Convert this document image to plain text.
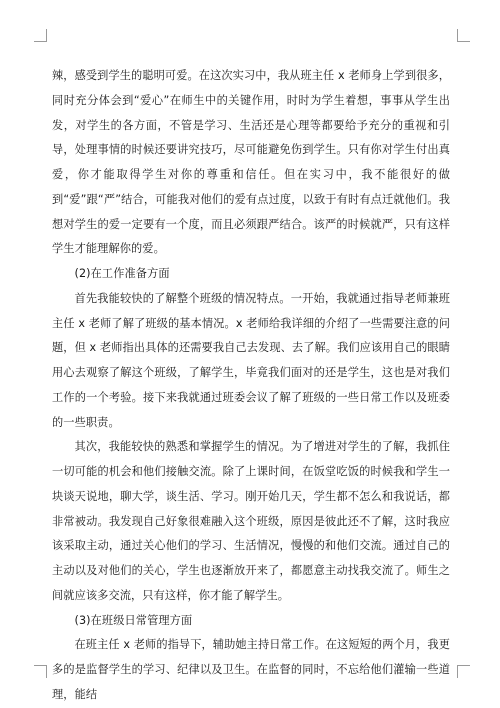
辣，感受到学生的聪明可爱。在这次实习中，我从班主任 x 老师身上学到很多，同时充分体会到“爱心”在师生中的关键作用，时时为学生着想，事事从学生出发，对学生的各方面，不管是学习、生活还是心理等都要给予充分的重视和引导，处理事情的时候还要讲究技巧，尽可能避免伤到学生。只有你对学生付出真爱，你才能取得学生对你的尊重和信任。但在实习中，我不能很好的做到“爱”跟“严”结合，可能我对他们的爱有点过度，以致于有时有点迁就他们。我想对学生的爱一定要有一个度，而且必须跟严结合。该严的时候就严，只有这样学生才能理解你的爱。

(2)在工作准备方面

首先我能较快的了解整个班级的情况特点。一开始，我就通过指导老师兼班主任 x 老师了解了班级的基本情况。x 老师给我详细的介绍了一些需要注意的问题，但 x 老师指出具体的还需要我自己去发现、去了解。我们应该用自己的眼睛用心去观察了解这个班级，了解学生，毕竟我们面对的还是学生，这也是对我们工作的一个考验。接下来我就通过班委会议了解了班级的一些日常工作以及班委的一些职责。

其次，我能较快的熟悉和掌握学生的情况。为了增进对学生的了解，我抓住一切可能的机会和他们接触交流。除了上课时间，在饭堂吃饭的时候我和学生一块谈天说地，聊大学，谈生活、学习。刚开始几天，学生都不怎么和我说话，都非常被动。我发现自己好象很难融入这个班级，原因是彼此还不了解，这时我应该采取主动，通过关心他们的学习、生活情况，慢慢的和他们交流。通过自己的主动以及对他们的关心，学生也逐渐放开来了，都愿意主动找我交流了。师生之间就应该多交流，只有这样，你才能了解学生。

(3)在班级日常管理方面

在班主任 x 老师的指导下，辅助她主持日常工作。在这短短的两个月，我更多的是监督学生的学习、纪律以及卫生。在监督的同时，不忘给他们灌输一些道理，能结
